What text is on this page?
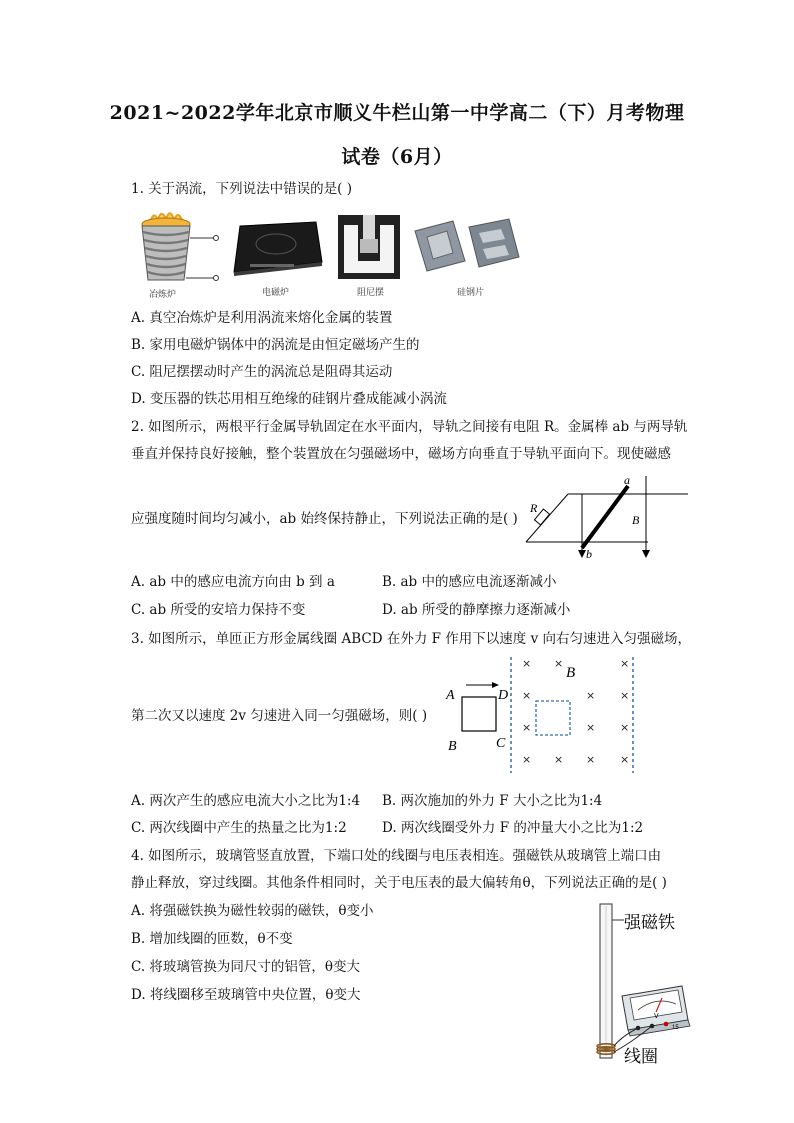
2021~2022学年北京市顺义牛栏山第一中学高二（下）月考物理
试卷（6月）
1. 关于涡流，下列说法中错误的是( )
冶炼炉	电磁炉	阻尼摆	硅钢片
A. 真空冶炼炉是利用涡流来熔化金属的装置
B. 家用电磁炉锅体中的涡流是由恒定磁场产生的
C. 阻尼摆摆动时产生的涡流总是阻碍其运动
D. 变压器的铁芯用相互绝缘的硅钢片叠成能减小涡流
2. 如图所示，两根平行金属导轨固定在水平面内，导轨之间接有电阻 R。金属棒 ab 与两导轨
垂直并保持良好接触，整个装置放在匀强磁场中，磁场方向垂直于导轨平面向下。现使磁感
应强度随时间均匀减小，ab 始终保持静止，下列说法正确的是( )
a
b
R
B
A. ab 中的感应电流方向由 b 到 a	B. ab 中的感应电流逐渐减小
C. ab 所受的安培力保持不变	D. ab 所受的静摩擦力逐渐减小
3. 如图所示，单匝正方形金属线圈 ABCD 在外力 F 作用下以速度 v 向右匀速进入匀强磁场，
第二次又以速度 2v 匀速进入同一匀强磁场，则( )
× ×	×
×	× ×
×	× ×
× × × ×
A	D
B	C
B
A. 两次产生的感应电流大小之比为1:4 B. 两次施加的外力 F 大小之比为1:4
C. 两次线圈中产生的热量之比为1:2	D. 两次线圈受外力 F 的冲量大小之比为1:2
4. 如图所示，玻璃管竖直放置，下端口处的线圈与电压表相连。强磁铁从玻璃管上端口由
静止释放，穿过线圈。其他条件相同时，关于电压表的最大偏转角θ，下列说法正确的是( )
A. 将强磁铁换为磁性较弱的磁铁，θ变小
B. 增加线圈的匝数，θ不变
C. 将玻璃管换为同尺寸的铝管，θ变大
D. 将线圈移至玻璃管中央位置，θ变大
强磁铁
线圈
V
15
